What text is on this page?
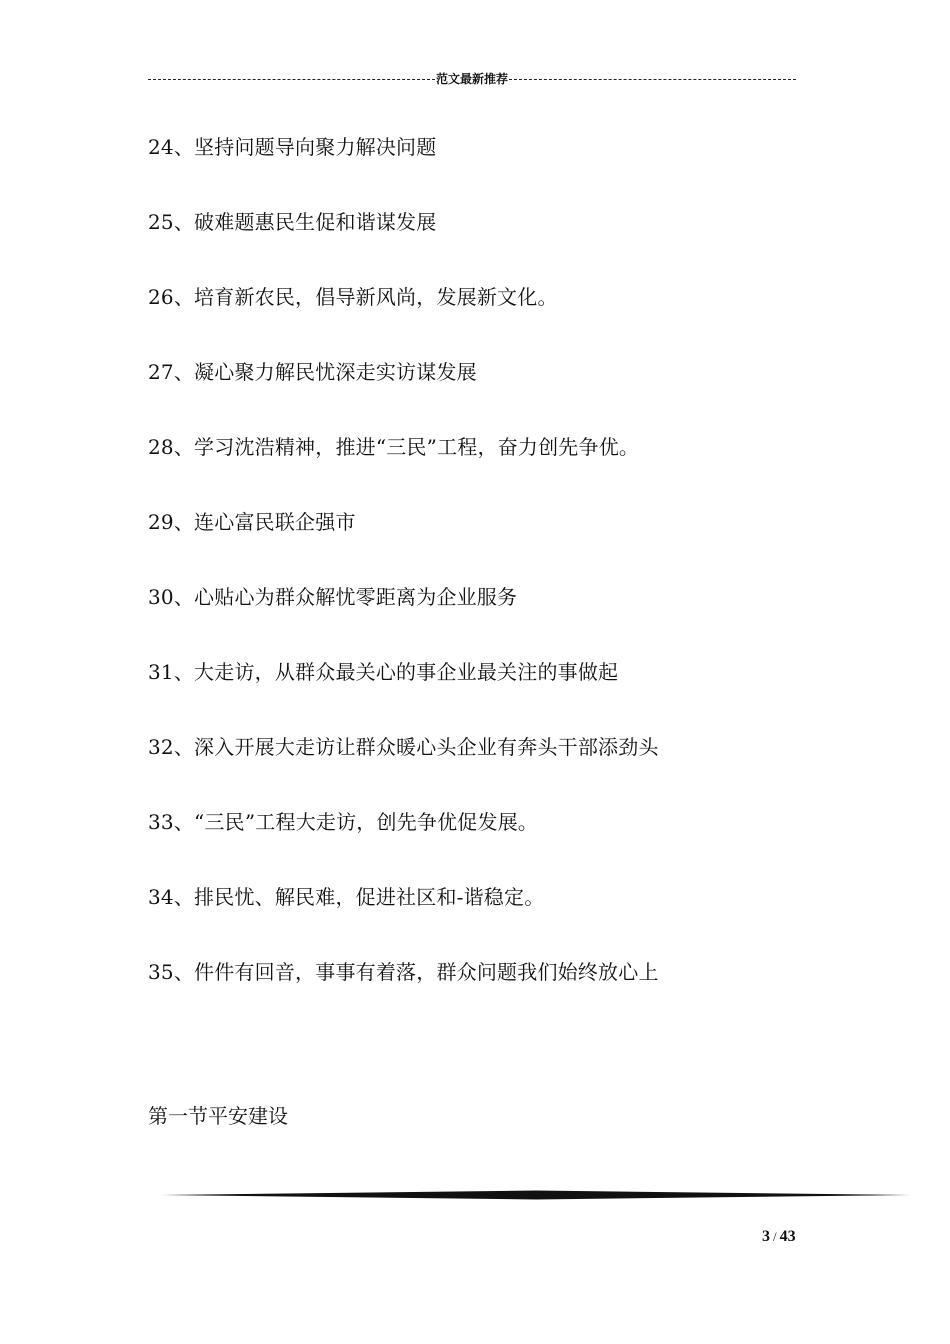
范文最新推荐
24、坚持问题导向聚力解决问题
25、破难题惠民生促和谐谋发展
26、培育新农民，倡导新风尚，发展新文化。
27、凝心聚力解民忧深走实访谋发展
28、学习沈浩精神，推进“三民”工程，奋力创先争优。
29、连心富民联企强市
30、心贴心为群众解忧零距离为企业服务
31、大走访，从群众最关心的事企业最关注的事做起
32、深入开展大走访让群众暖心头企业有奔头干部添劲头
33、“三民”工程大走访，创先争优促发展。
34、排民忧、解民难，促进社区和-谐稳定。
35、件件有回音，事事有着落，群众问题我们始终放心上
第一节平安建设
3 / 43
